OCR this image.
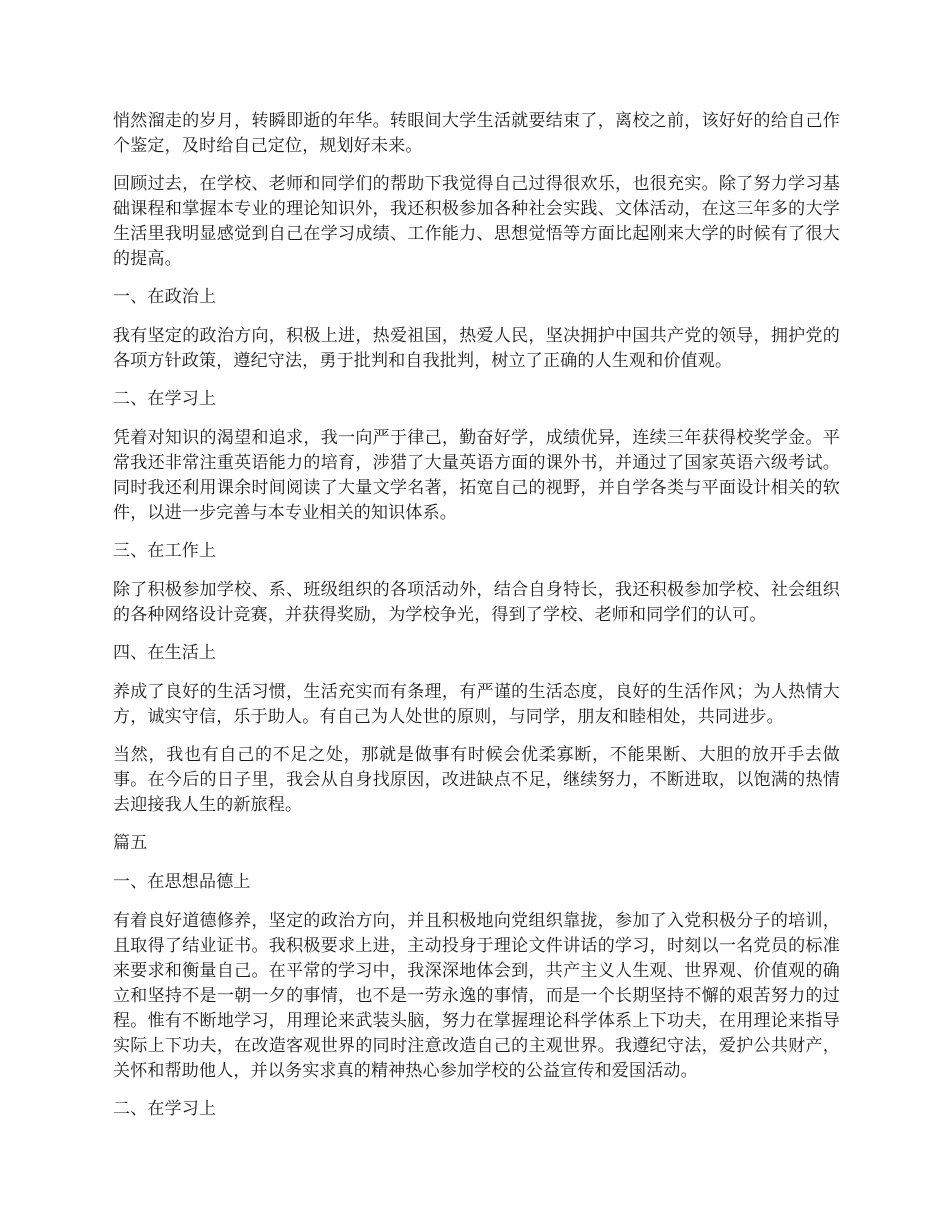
悄然溜走的岁月，转瞬即逝的年华。转眼间大学生活就要结束了，离校之前，该好好的给自己作个鉴定，及时给自己定位，规划好未来。

回顾过去，在学校、老师和同学们的帮助下我觉得自己过得很欢乐，也很充实。除了努力学习基础课程和掌握本专业的理论知识外，我还积极参加各种社会实践、文体活动，在这三年多的大学生活里我明显感觉到自己在学习成绩、工作能力、思想觉悟等方面比起刚来大学的时候有了很大的提高。

一、在政治上

我有坚定的政治方向，积极上进，热爱祖国，热爱人民，坚决拥护中国共产党的领导，拥护党的各项方针政策，遵纪守法，勇于批判和自我批判，树立了正确的人生观和价值观。

二、在学习上

凭着对知识的渴望和追求，我一向严于律己，勤奋好学，成绩优异，连续三年获得校奖学金。平常我还非常注重英语能力的培育，涉猎了大量英语方面的课外书，并通过了国家英语六级考试。同时我还利用课余时间阅读了大量文学名著，拓宽自己的视野，并自学各类与平面设计相关的软件，以进一步完善与本专业相关的知识体系。

三、在工作上

除了积极参加学校、系、班级组织的各项活动外，结合自身特长，我还积极参加学校、社会组织的各种网络设计竞赛，并获得奖励，为学校争光，得到了学校、老师和同学们的认可。

四、在生活上

养成了良好的生活习惯，生活充实而有条理，有严谨的生活态度，良好的生活作风；为人热情大方，诚实守信，乐于助人。有自己为人处世的原则，与同学，朋友和睦相处，共同进步。

当然，我也有自己的不足之处，那就是做事有时候会优柔寡断，不能果断、大胆的放开手去做事。在今后的日子里，我会从自身找原因，改进缺点不足，继续努力，不断进取，以饱满的热情去迎接我人生的新旅程。

篇五

一、在思想品德上

有着良好道德修养，坚定的政治方向，并且积极地向党组织靠拢，参加了入党积极分子的培训，且取得了结业证书。我积极要求上进，主动投身于理论文件讲话的学习，时刻以一名党员的标准来要求和衡量自己。在平常的学习中，我深深地体会到，共产主义人生观、世界观、价值观的确立和坚持不是一朝一夕的事情，也不是一劳永逸的事情，而是一个长期坚持不懈的艰苦努力的过程。惟有不断地学习，用理论来武装头脑，努力在掌握理论科学体系上下功夫，在用理论来指导实际上下功夫，在改造客观世界的同时注意改造自己的主观世界。我遵纪守法，爱护公共财产，关怀和帮助他人，并以务实求真的精神热心参加学校的公益宣传和爱国活动。

二、在学习上
